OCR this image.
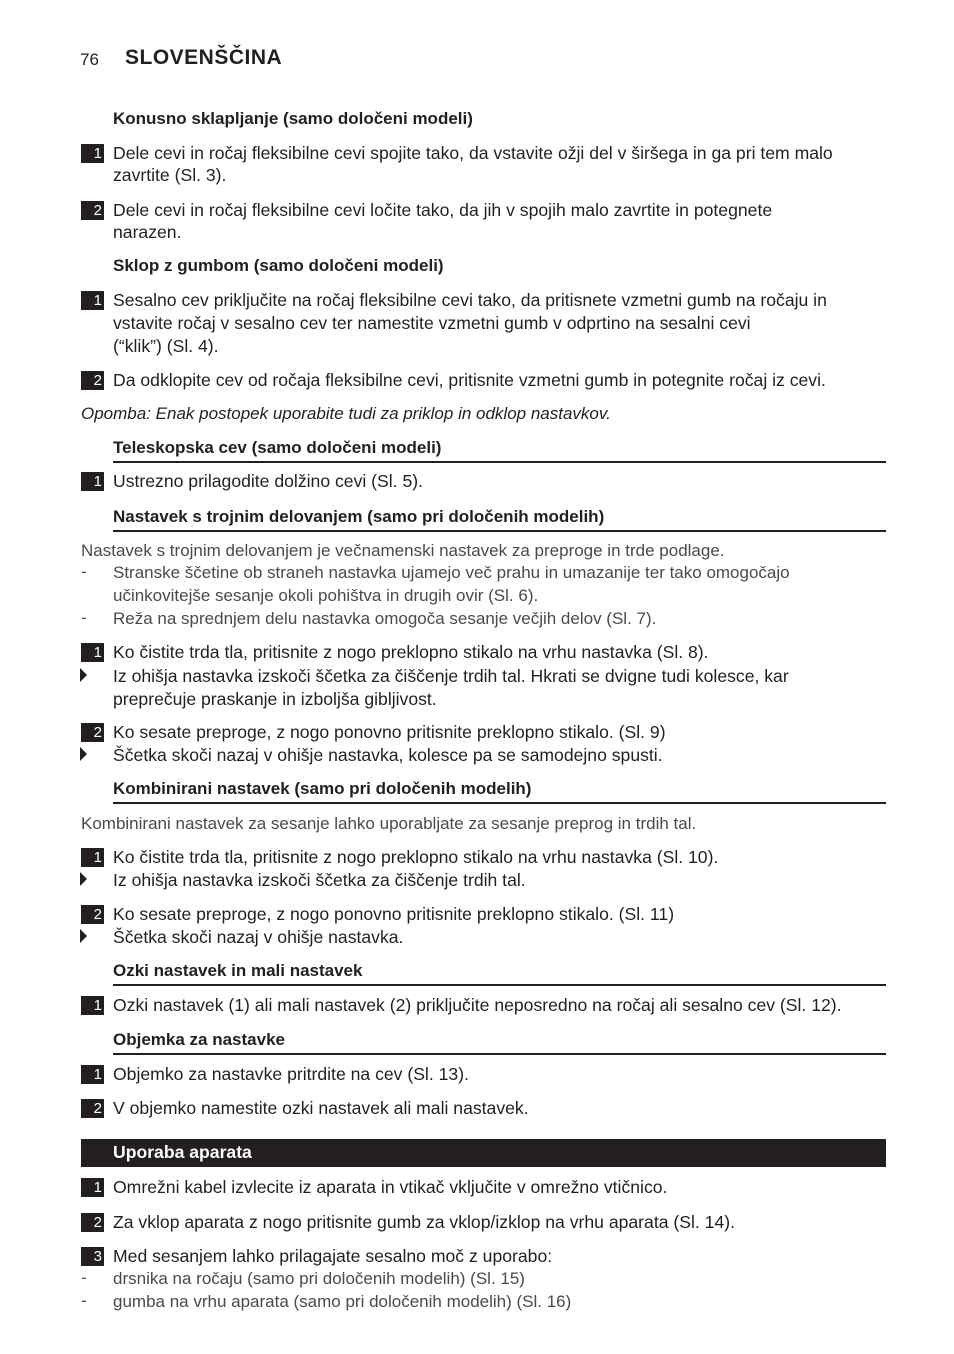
76 SLOVENŠČINA
Konusno sklapljanje (samo določeni modeli)
1 Dele cevi in ročaj fleksibilne cevi spojite tako, da vstavite ožji del v širšega in ga pri tem malo
zavrtite (Sl. 3).
2 Dele cevi in ročaj fleksibilne cevi ločite tako, da jih v spojih malo zavrtite in potegnete
narazen.
Sklop z gumbom (samo določeni modeli)
1 Sesalno cev priključite na ročaj fleksibilne cevi tako, da pritisnete vzmetni gumb na ročaju in
vstavite ročaj v sesalno cev ter namestite vzmetni gumb v odprtino na sesalni cevi
(“klik”) (Sl. 4).
2 Da odklopite cev od ročaja fleksibilne cevi, pritisnite vzmetni gumb in potegnite ročaj iz cevi.
Opomba: Enak postopek uporabite tudi za priklop in odklop nastavkov.
Teleskopska cev (samo določeni modeli)
1 Ustrezno prilagodite dolžino cevi (Sl. 5).
Nastavek s trojnim delovanjem (samo pri določenih modelih)
Nastavek s trojnim delovanjem je večnamenski nastavek za preproge in trde podlage.
- Stranske ščetine ob straneh nastavka ujamejo več prahu in umazanije ter tako omogočajo
učinkovitejše sesanje okoli pohištva in drugih ovir (Sl. 6).
- Reža na sprednjem delu nastavka omogoča sesanje večjih delov (Sl. 7).
1 Ko čistite trda tla, pritisnite z nogo preklopno stikalo na vrhu nastavka (Sl. 8).
Iz ohišja nastavka izskoči ščetka za čiščenje trdih tal. Hkrati se dvigne tudi kolesce, kar
preprečuje praskanje in izboljša gibljivost.
2 Ko sesate preproge, z nogo ponovno pritisnite preklopno stikalo. (Sl. 9)
Ščetka skoči nazaj v ohišje nastavka, kolesce pa se samodejno spusti.
Kombinirani nastavek (samo pri določenih modelih)
Kombinirani nastavek za sesanje lahko uporabljate za sesanje preprog in trdih tal.
1 Ko čistite trda tla, pritisnite z nogo preklopno stikalo na vrhu nastavka (Sl. 10).
Iz ohišja nastavka izskoči ščetka za čiščenje trdih tal.
2 Ko sesate preproge, z nogo ponovno pritisnite preklopno stikalo. (Sl. 11)
Ščetka skoči nazaj v ohišje nastavka.
Ozki nastavek in mali nastavek
1 Ozki nastavek (1) ali mali nastavek (2) priključite neposredno na ročaj ali sesalno cev (Sl. 12).
Objemka za nastavke
1 Objemko za nastavke pritrdite na cev (Sl. 13).
2 V objemko namestite ozki nastavek ali mali nastavek.
Uporaba aparata
1 Omrežni kabel izvlecite iz aparata in vtikač vključite v omrežno vtičnico.
2 Za vklop aparata z nogo pritisnite gumb za vklop/izklop na vrhu aparata (Sl. 14).
3 Med sesanjem lahko prilagajate sesalno moč z uporabo:
- drsnika na ročaju (samo pri določenih modelih) (Sl. 15)
- gumba na vrhu aparata (samo pri določenih modelih) (Sl. 16)
